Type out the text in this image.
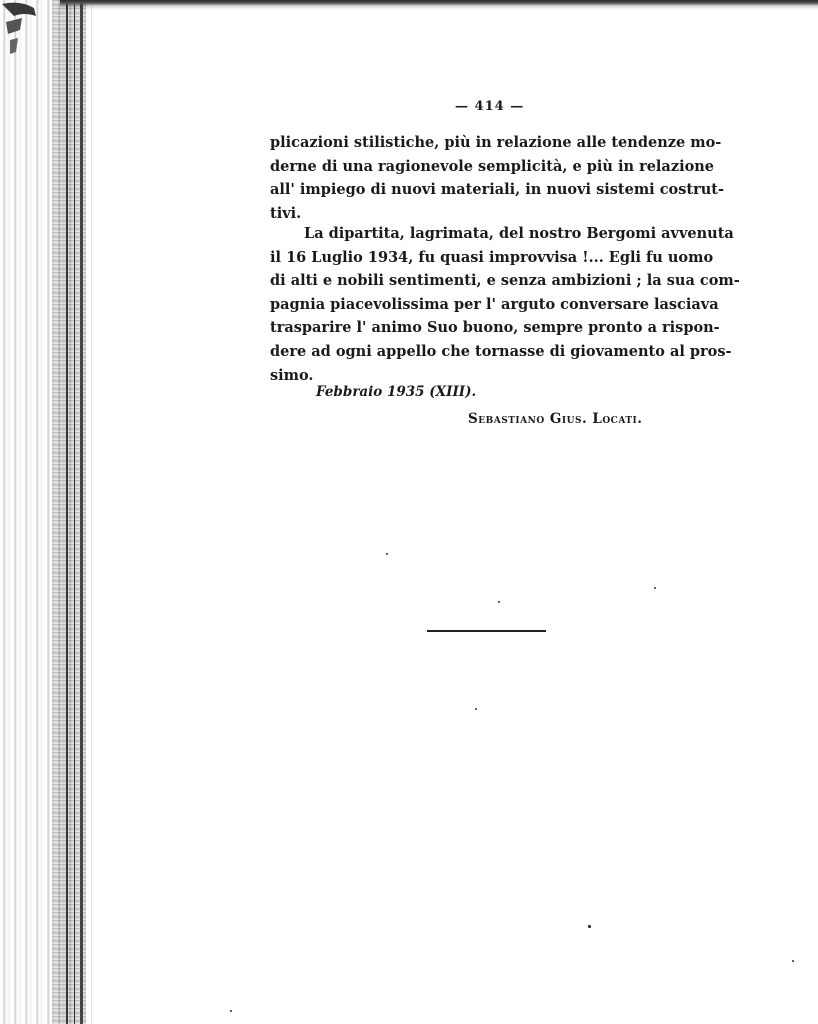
— 414 —

plicazioni stilistiche, più in relazione alle tendenze mo-
derne di una ragionevole semplicità, e più in relazione
all' impiego di nuovi materiali, in nuovi sistemi costrut-
tivi.

La dipartita, lagrimata, del nostro Bergomi avvenuta
il 16 Luglio 1934, fu quasi improvvisa !... Egli fu uomo
di alti e nobili sentimenti, e senza ambizioni ; la sua com-
pagnia piacevolissima per l' arguto conversare lasciava
trasparire l' animo Suo buono, sempre pronto a rispon-
dere ad ogni appello che tornasse di giovamento al pros-
simo.

Febbraio 1935 (XIII).
Sebastiano Gius. Locati.
